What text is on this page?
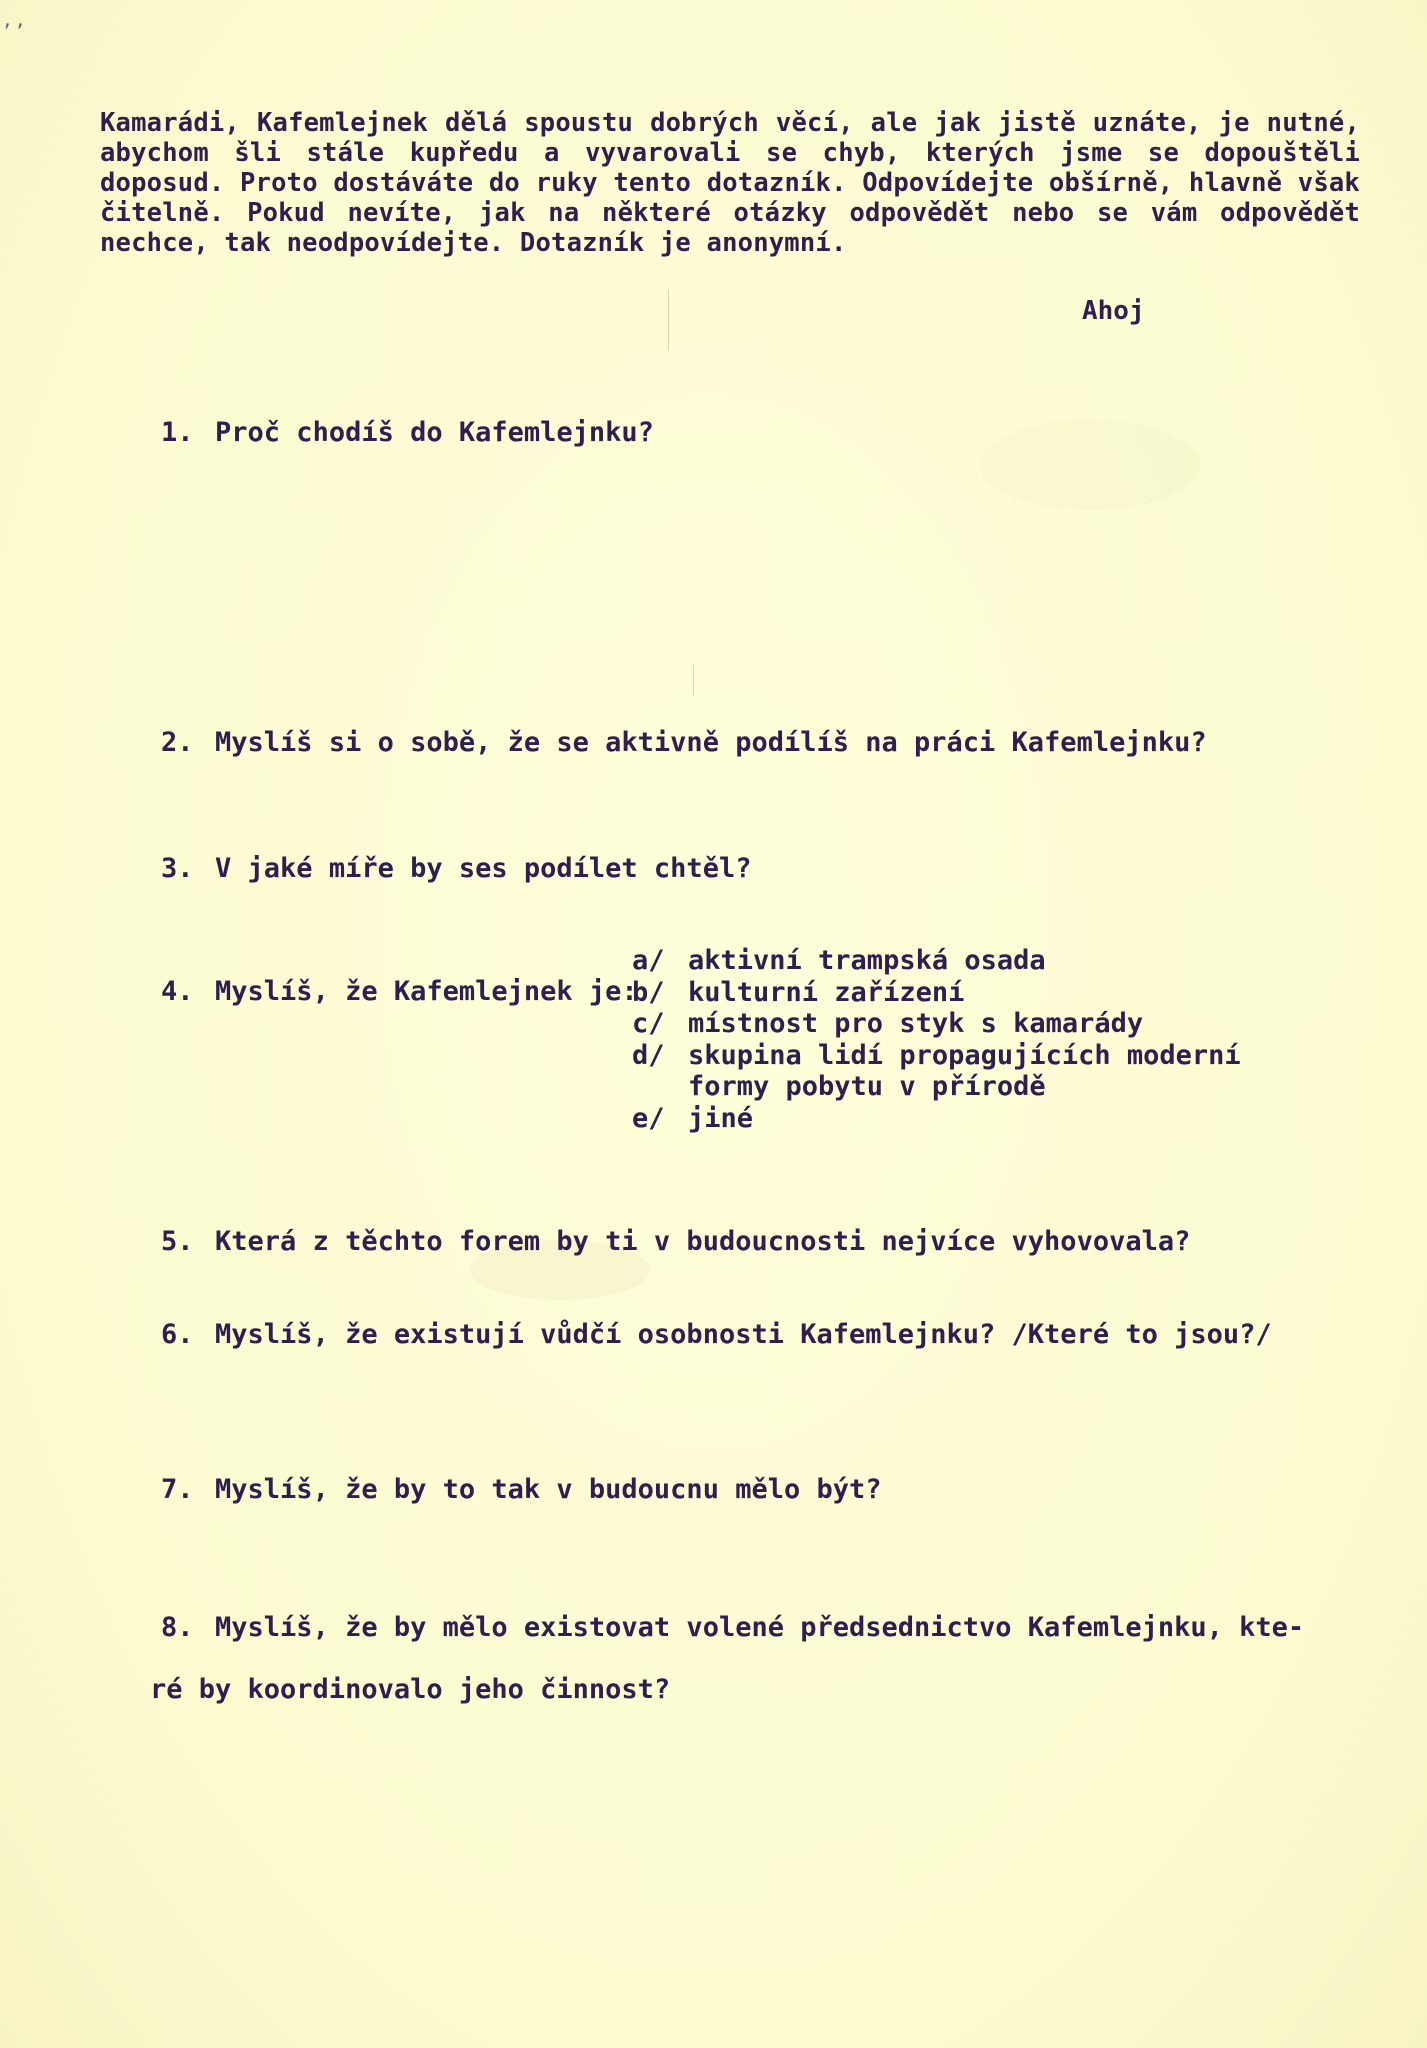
,,

Kamarádi, Kafemlejnek dělá spoustu dobrých věcí, ale jak jistě uznáte, je nutné, abychom šli stále kupředu a vyvarovali se chyb, kterých jsme se dopouštěli doposud. Proto dostáváte do ruky tento dotazník. Odpovídejte obšírně, hlavně však čitelně. Pokud nevíte, jak na některé otázky odpovědět nebo se vám odpovědět nechce, tak neodpovídejte. Dotazník je anonymní.

Ahoj

1. Proč chodíš do Kafemlejnku?

2. Myslíš si o sobě, že se aktivně podílíš na práci Kafemlejnku?

3. V jaké míře by ses podílet chtěl?

4. Myslíš, že Kafemlejnek je:

a/ aktivní trampská osada
b/ kulturní zařízení
c/ místnost pro styk s kamarády
d/ skupina lidí propagujících moderní
formy pobytu v přírodě
e/ jiné

5. Která z těchto forem by ti v budoucnosti nejvíce vyhovovala?

6. Myslíš, že existují vůdčí osobnosti Kafemlejnku? /Které to jsou?/

7. Myslíš, že by to tak v budoucnu mělo být?

8. Myslíš, že by mělo existovat volené předsednictvo Kafemlejnku, kte-

ré by koordinovalo jeho činnost?
